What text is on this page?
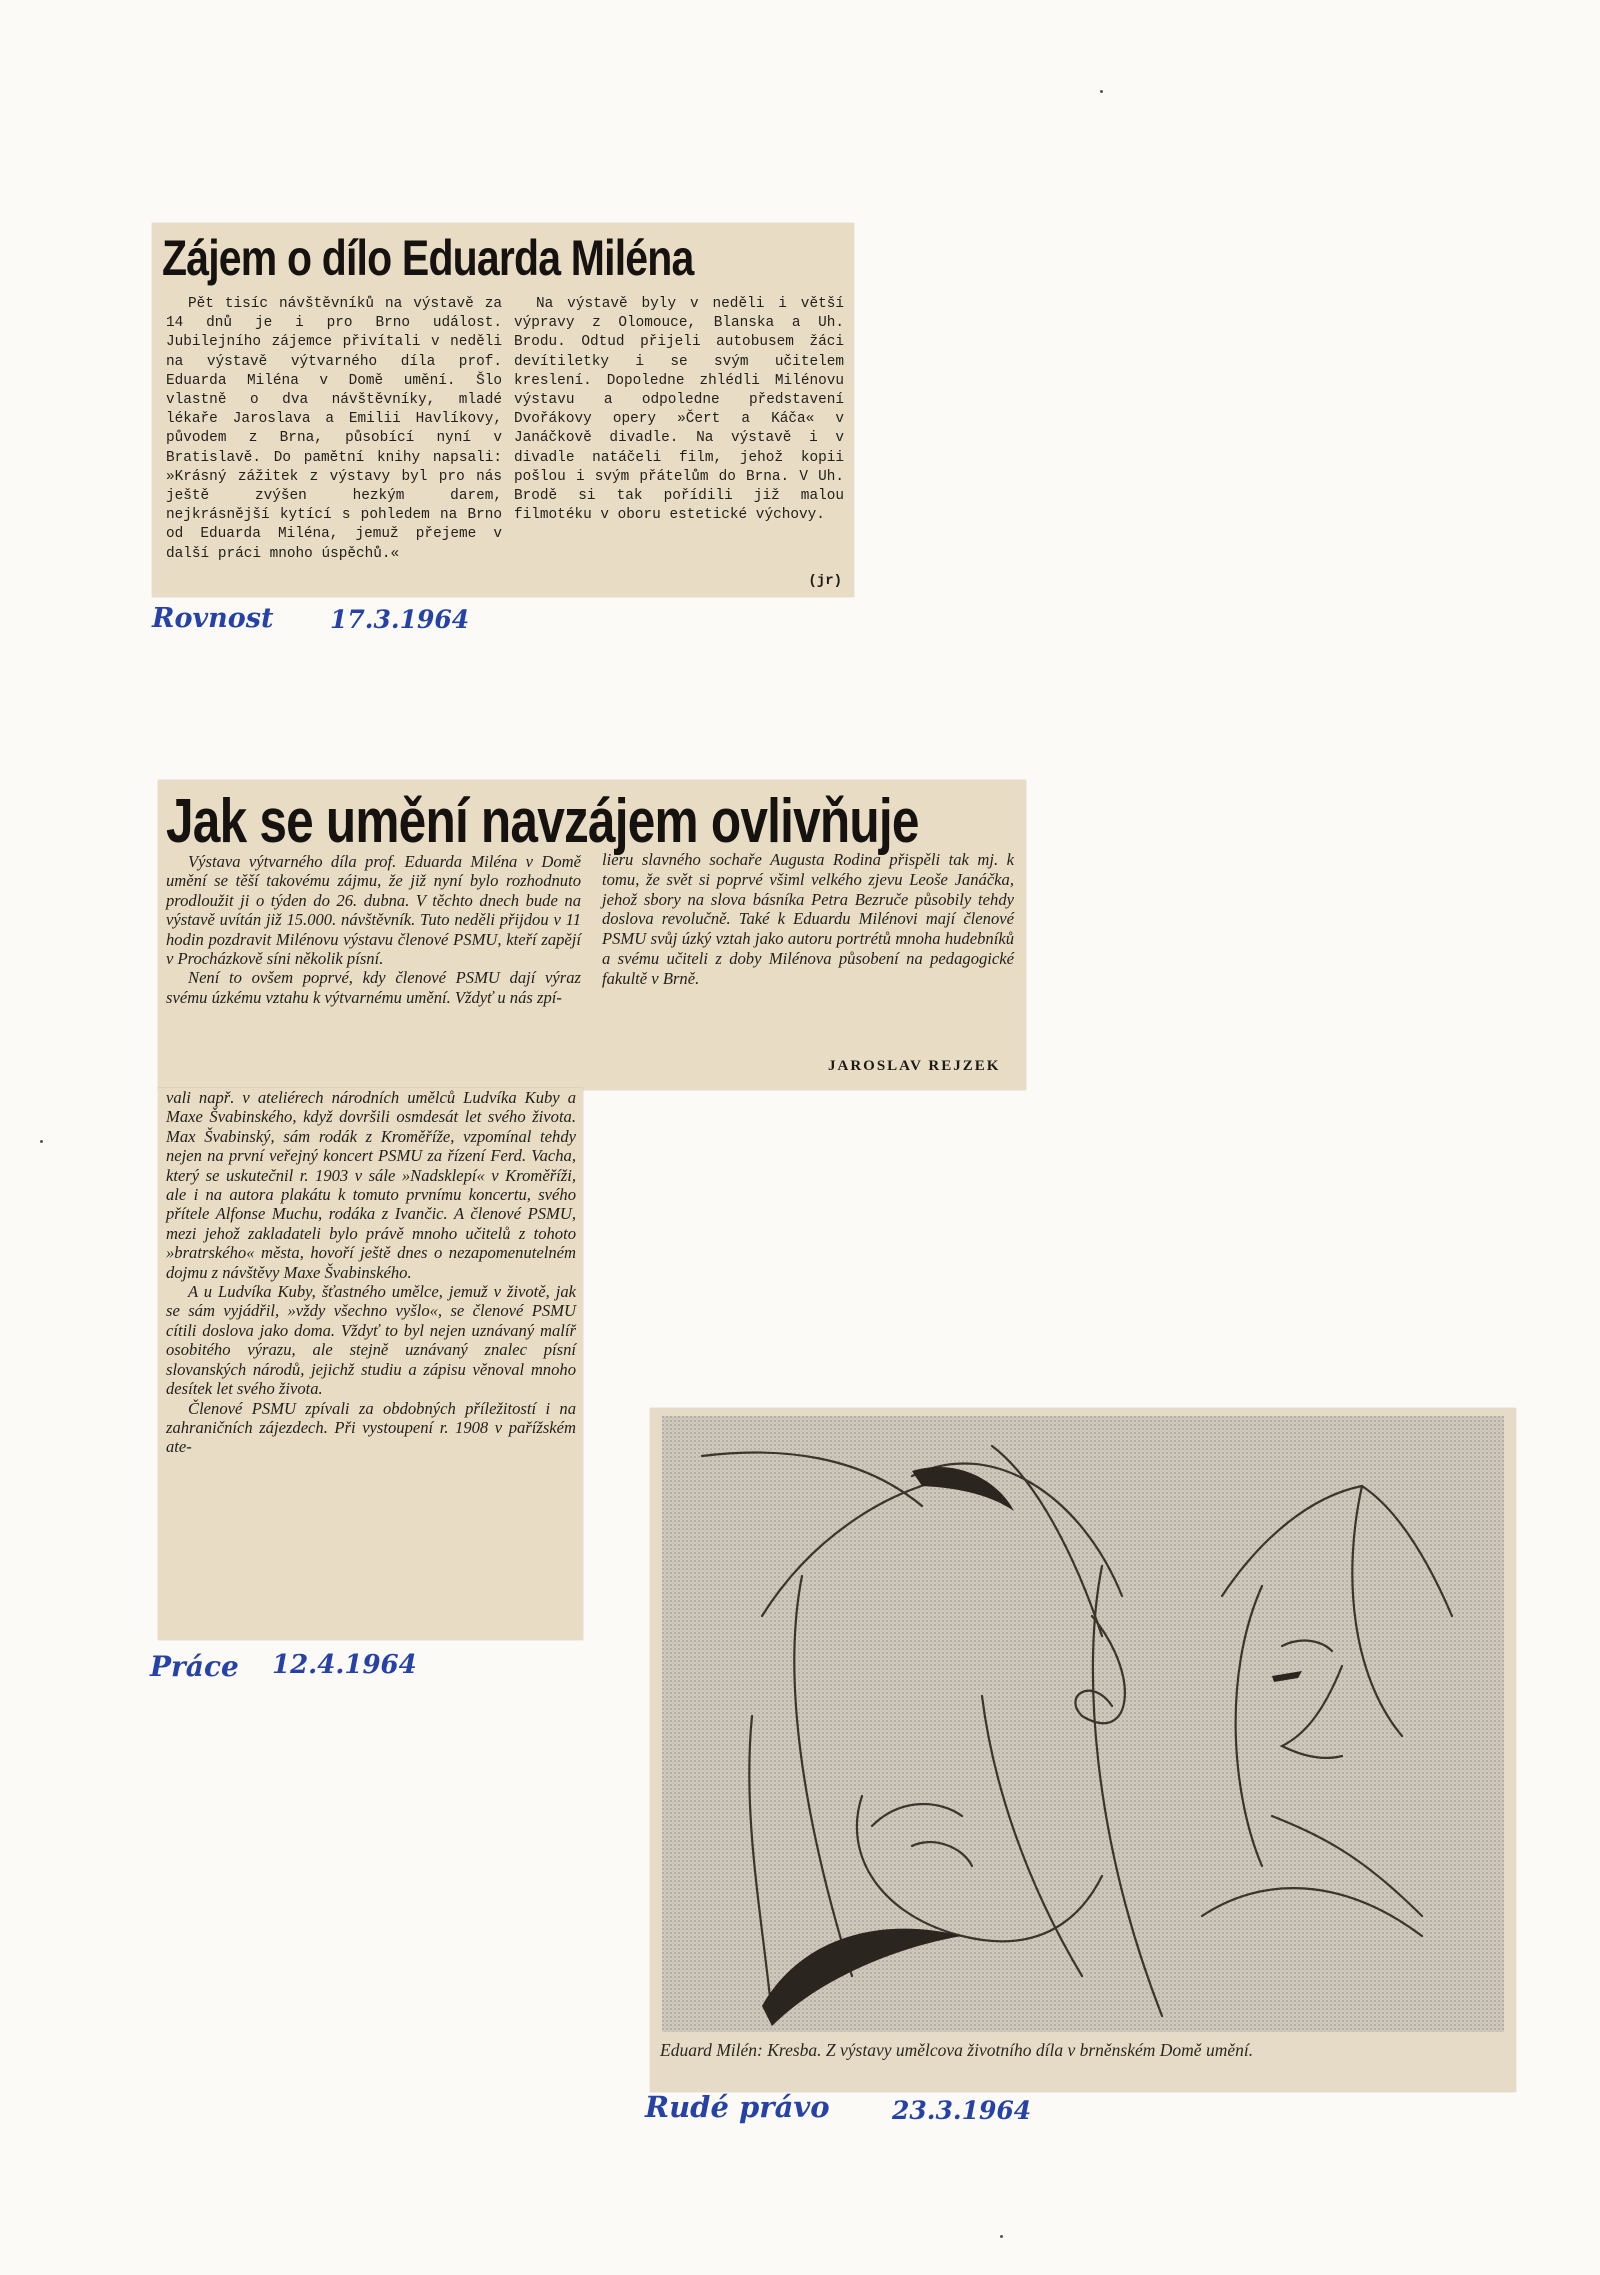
Zájem o dílo Eduarda Miléna

Pět tisíc návštěvníků na výstavě za 14 dnů je i pro Brno událost. Jubilejního zájemce přivítali v neděli na výstavě výtvarného díla prof. Eduarda Miléna v Domě umění. Šlo vlastně o dva návštěvníky, mladé lékaře Jaroslava a Emilii Havlíkovy, původem z Brna, působící nyní v Bratislavě. Do pamětní knihy napsali: »Krásný zážitek z výstavy byl pro nás ještě zvýšen hezkým darem, nejkrásnější kytící s pohledem na Brno od Eduarda Miléna, jemuž přejeme v další práci mnoho úspěchů.«

Na výstavě byly v neděli i větší výpravy z Olomouce, Blanska a Uh. Brodu. Odtud přijeli autobusem žáci devítiletky i se svým učitelem kreslení. Dopoledne zhlédli Milénovu výstavu a odpoledne představení Dvořákovy opery »Čert a Káča« v Janáčkově divadle. Na výstavě i v divadle natáčeli film, jehož kopii pošlou i svým přátelům do Brna. V Uh. Brodě si tak pořídili již malou filmotéku v oboru estetické výchovy.

(jr)
Rovnost 17.3.1964
Jak se umění navzájem ovlivňuje

Výstava výtvarného díla prof. Eduarda Miléna v Domě umění se těší takovému zájmu, že již nyní bylo rozhodnuto prodloužit ji o týden do 26. dubna. V těchto dnech bude na výstavě uvítán již 15.000. návštěvník. Tuto neděli přijdou v 11 hodin pozdravit Milénovu výstavu členové PSMU, kteří zapějí v Procházkově síni několik písní.

Není to ovšem poprvé, kdy členové PSMU dají výraz svému úzkému vztahu k výtvarnému umění. Vždyť u nás zpí-

lieru slavného sochaře Augusta Rodina přispěli tak mj. k tomu, že svět si poprvé všiml velkého zjevu Leoše Janáčka, jehož sbory na slova básníka Petra Bezruče působily tehdy doslova revolučně. Také k Eduardu Milénovi mají členové PSMU svůj úzký vztah jako autoru portrétů mnoha hudebníků a svému učiteli z doby Milénova působení na pedagogické fakultě v Brně.

JAROSLAV REJZEK

vali např. v ateliérech národních umělců Ludvíka Kuby a Maxe Švabinského, když dovršili osmdesát let svého života. Max Švabinský, sám rodák z Kroměříže, vzpomínal tehdy nejen na první veřejný koncert PSMU za řízení Ferd. Vacha, který se uskutečnil r. 1903 v sále »Nadsklepí« v Kroměříži, ale i na autora plakátu k tomuto prvnímu koncertu, svého přítele Alfonse Muchu, rodáka z Ivančic. A členové PSMU, mezi jehož zakladateli bylo právě mnoho učitelů z tohoto »bratrského« města, hovoří ještě dnes o nezapomenutelném dojmu z návštěvy Maxe Švabinského.

A u Ludvíka Kuby, šťastného umělce, jemuž v životě, jak se sám vyjádřil, »vždy všechno vyšlo«, se členové PSMU cítili doslova jako doma. Vždyť to byl nejen uznávaný malíř osobitého výrazu, ale stejně uznávaný znalec písní slovanských národů, jejichž studiu a zápisu věnoval mnoho desítek let svého života.

Členové PSMU zpívali za obdobných příležitostí i na zahraničních zájezdech. Při vystoupení r. 1908 v pařížském ate-

Práce 12.4.1964
Eduard Milén: Kresba. Z výstavy umělcova životního díla v brněnském Domě umění.
Rudé právo 23.3.1964
